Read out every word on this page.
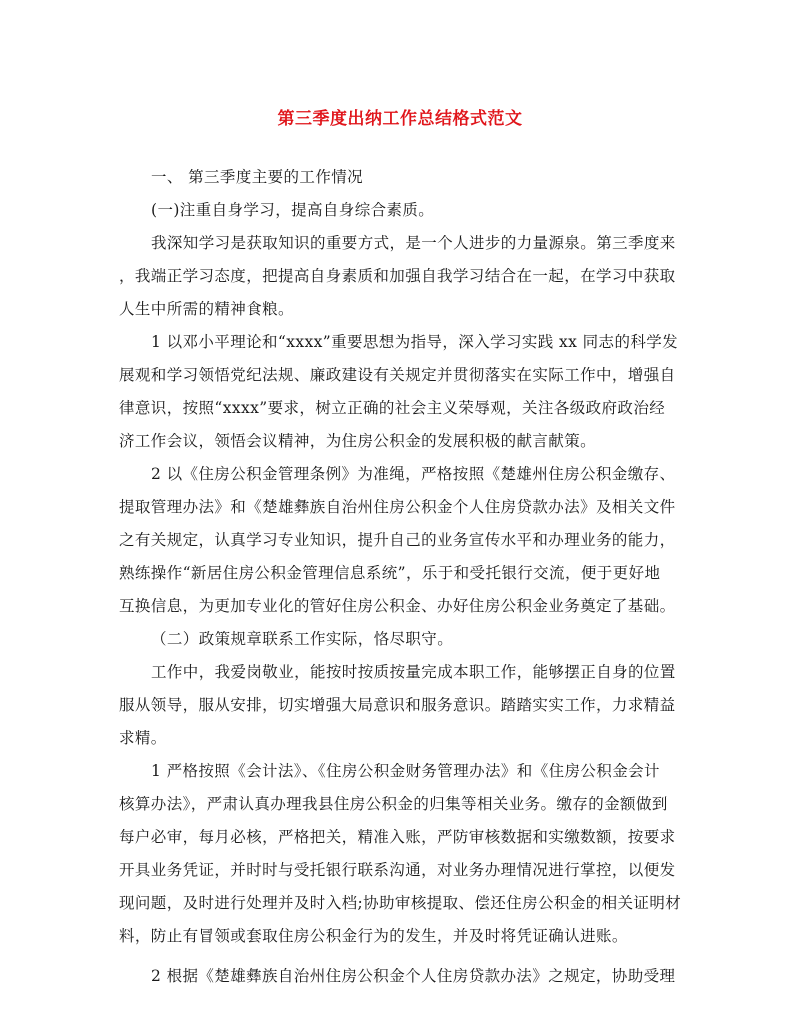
第三季度出纳工作总结格式范文
一、 第三季度主要的工作情况
(一)注重自身学习，提高自身综合素质。
我深知学习是获取知识的重要方式，是一个人进步的力量源泉。第三季度来
，我端正学习态度，把提高自身素质和加强自我学习结合在一起，在学习中获取
人生中所需的精神食粮。
1 以邓小平理论和“xxxx”重要思想为指导，深入学习实践 xx 同志的科学发
展观和学习领悟党纪法规、廉政建设有关规定并贯彻落实在实际工作中，增强自
律意识，按照“xxxx”要求，树立正确的社会主义荣辱观，关注各级政府政治经
济工作会议，领悟会议精神，为住房公积金的发展积极的献言献策。
2 以《住房公积金管理条例》为准绳，严格按照《楚雄州住房公积金缴存、
提取管理办法》和《楚雄彝族自治州住房公积金个人住房贷款办法》及相关文件
之有关规定，认真学习专业知识，提升自己的业务宣传水平和办理业务的能力，
熟练操作“新居住房公积金管理信息系统”，乐于和受托银行交流，便于更好地
互换信息，为更加专业化的管好住房公积金、办好住房公积金业务奠定了基础。
（二）政策规章联系工作实际，恪尽职守。
工作中，我爱岗敬业，能按时按质按量完成本职工作，能够摆正自身的位置
服从领导，服从安排，切实增强大局意识和服务意识。踏踏实实工作，力求精益
求精。
1 严格按照《会计法》、《住房公积金财务管理办法》和《住房公积金会计
核算办法》，严肃认真办理我县住房公积金的归集等相关业务。缴存的金额做到
每户必审，每月必核，严格把关，精准入账，严防审核数据和实缴数额，按要求
开具业务凭证，并时时与受托银行联系沟通，对业务办理情况进行掌控，以便发
现问题，及时进行处理并及时入档;协助审核提取、偿还住房公积金的相关证明材
料，防止有冒领或套取住房公积金行为的发生，并及时将凭证确认进账。
2 根据《楚雄彝族自治州住房公积金个人住房贷款办法》之规定，协助受理
